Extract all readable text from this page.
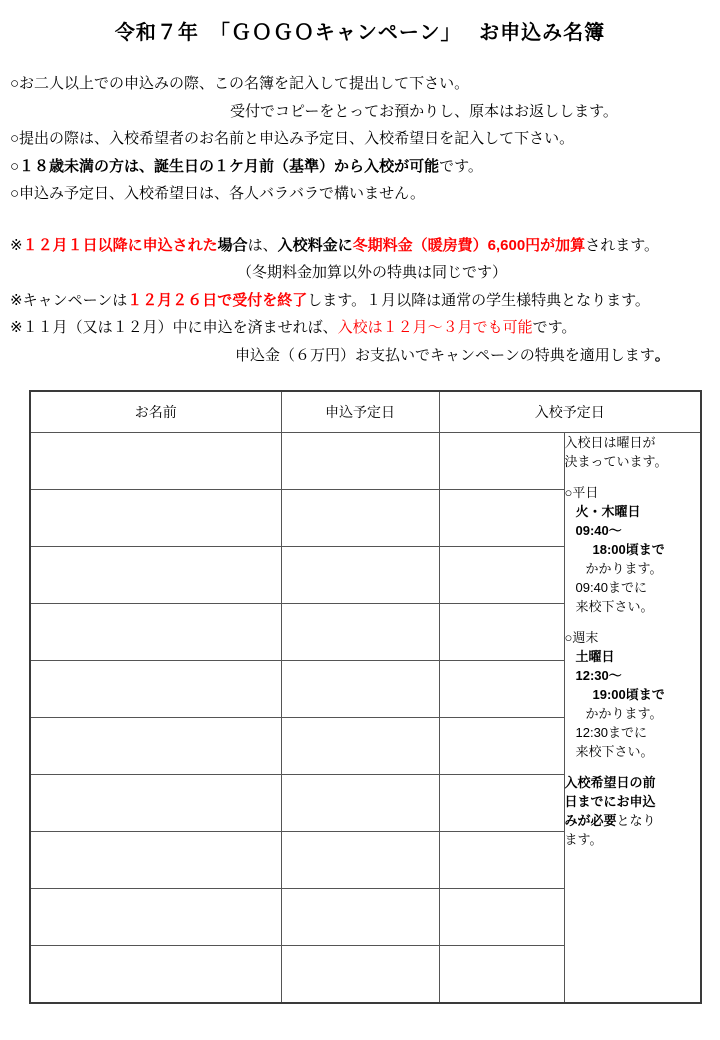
令和７年　「ＧＯＧＯキャンペーン」　 お申込み名簿
○お二人以上での申込みの際、この名簿を記入して提出して下さい。
受付でコピーをとってお預かりし、原本はお返しします。
○提出の際は、入校希望者のお名前と申込み予定日、入校希望日を記入して下さい。
○１８歳未満の方は、誕生日の１ケ月前（基準）から入校が可能です。
○申込み予定日、入校希望日は、各人バラバラで構いません。
※１２月１日以降に申込された場合は、入校料金に冬期料金（暖房費）6,600円が加算されます。
（冬期料金加算以外の特典は同じです）
※キャンペーンは１２月２６日で受付を終了します。１月以降は通常の学生様特典となります。
※１１月（又は１２月）中に申込を済ませれば、入校は１２月～３月でも可能です。
申込金（６万円）お支払いでキャンペーンの特典を適用します。
お名前	申込予定日	入校予定日	

入校日は曜日が
決まっています。
○平日
火・木曜日
09:40～
18:00頃まで
かかります。
09:40までに
来校下さい。
○週末
土曜日
12:30～
19:00頃まで
かかります。
12:30までに
来校下さい。
入校希望日の前
日までにお申込
みが必要となり
ます。
